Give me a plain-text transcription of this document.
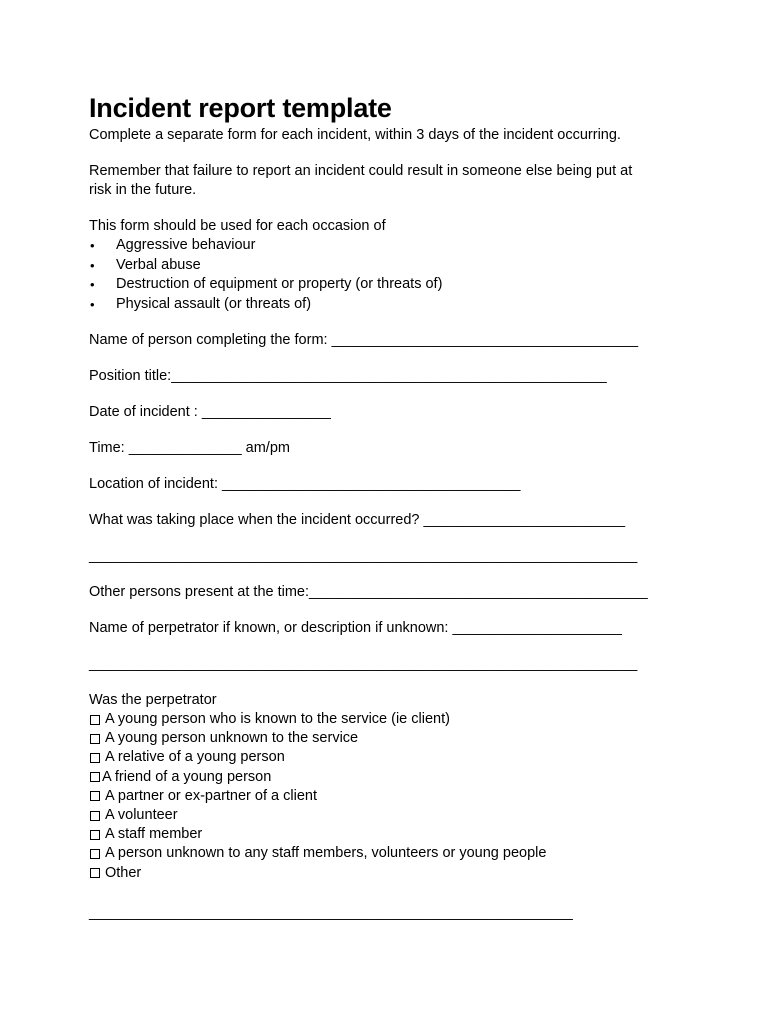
Incident report template

Complete a separate form for each incident, within 3 days of the incident occurring.

Remember that failure to report an incident could result in someone else being put at

risk in the future.

This form should be used for each occasion of

• Aggressive behaviour
• Verbal abuse
• Destruction of equipment or property (or threats of)
• Physical assault (or threats of)

Name of person completing the form: ______________________________________

Position title:______________________________________________________

Date of incident : ________________

Time: ______________ am/pm

Location of incident: _____________________________________

What was taking place when the incident occurred? _________________________

____________________________________________________________________

Other persons present at the time:__________________________________________

Name of perpetrator if known, or description if unknown: _____________________

____________________________________________________________________

Was the perpetrator

A young person who is known to the service (ie client)
A young person unknown to the service
A relative of a young person
A friend of a young person
A partner or ex-partner of a client
A volunteer
A staff member
A person unknown to any staff members, volunteers or young people
Other

____________________________________________________________
